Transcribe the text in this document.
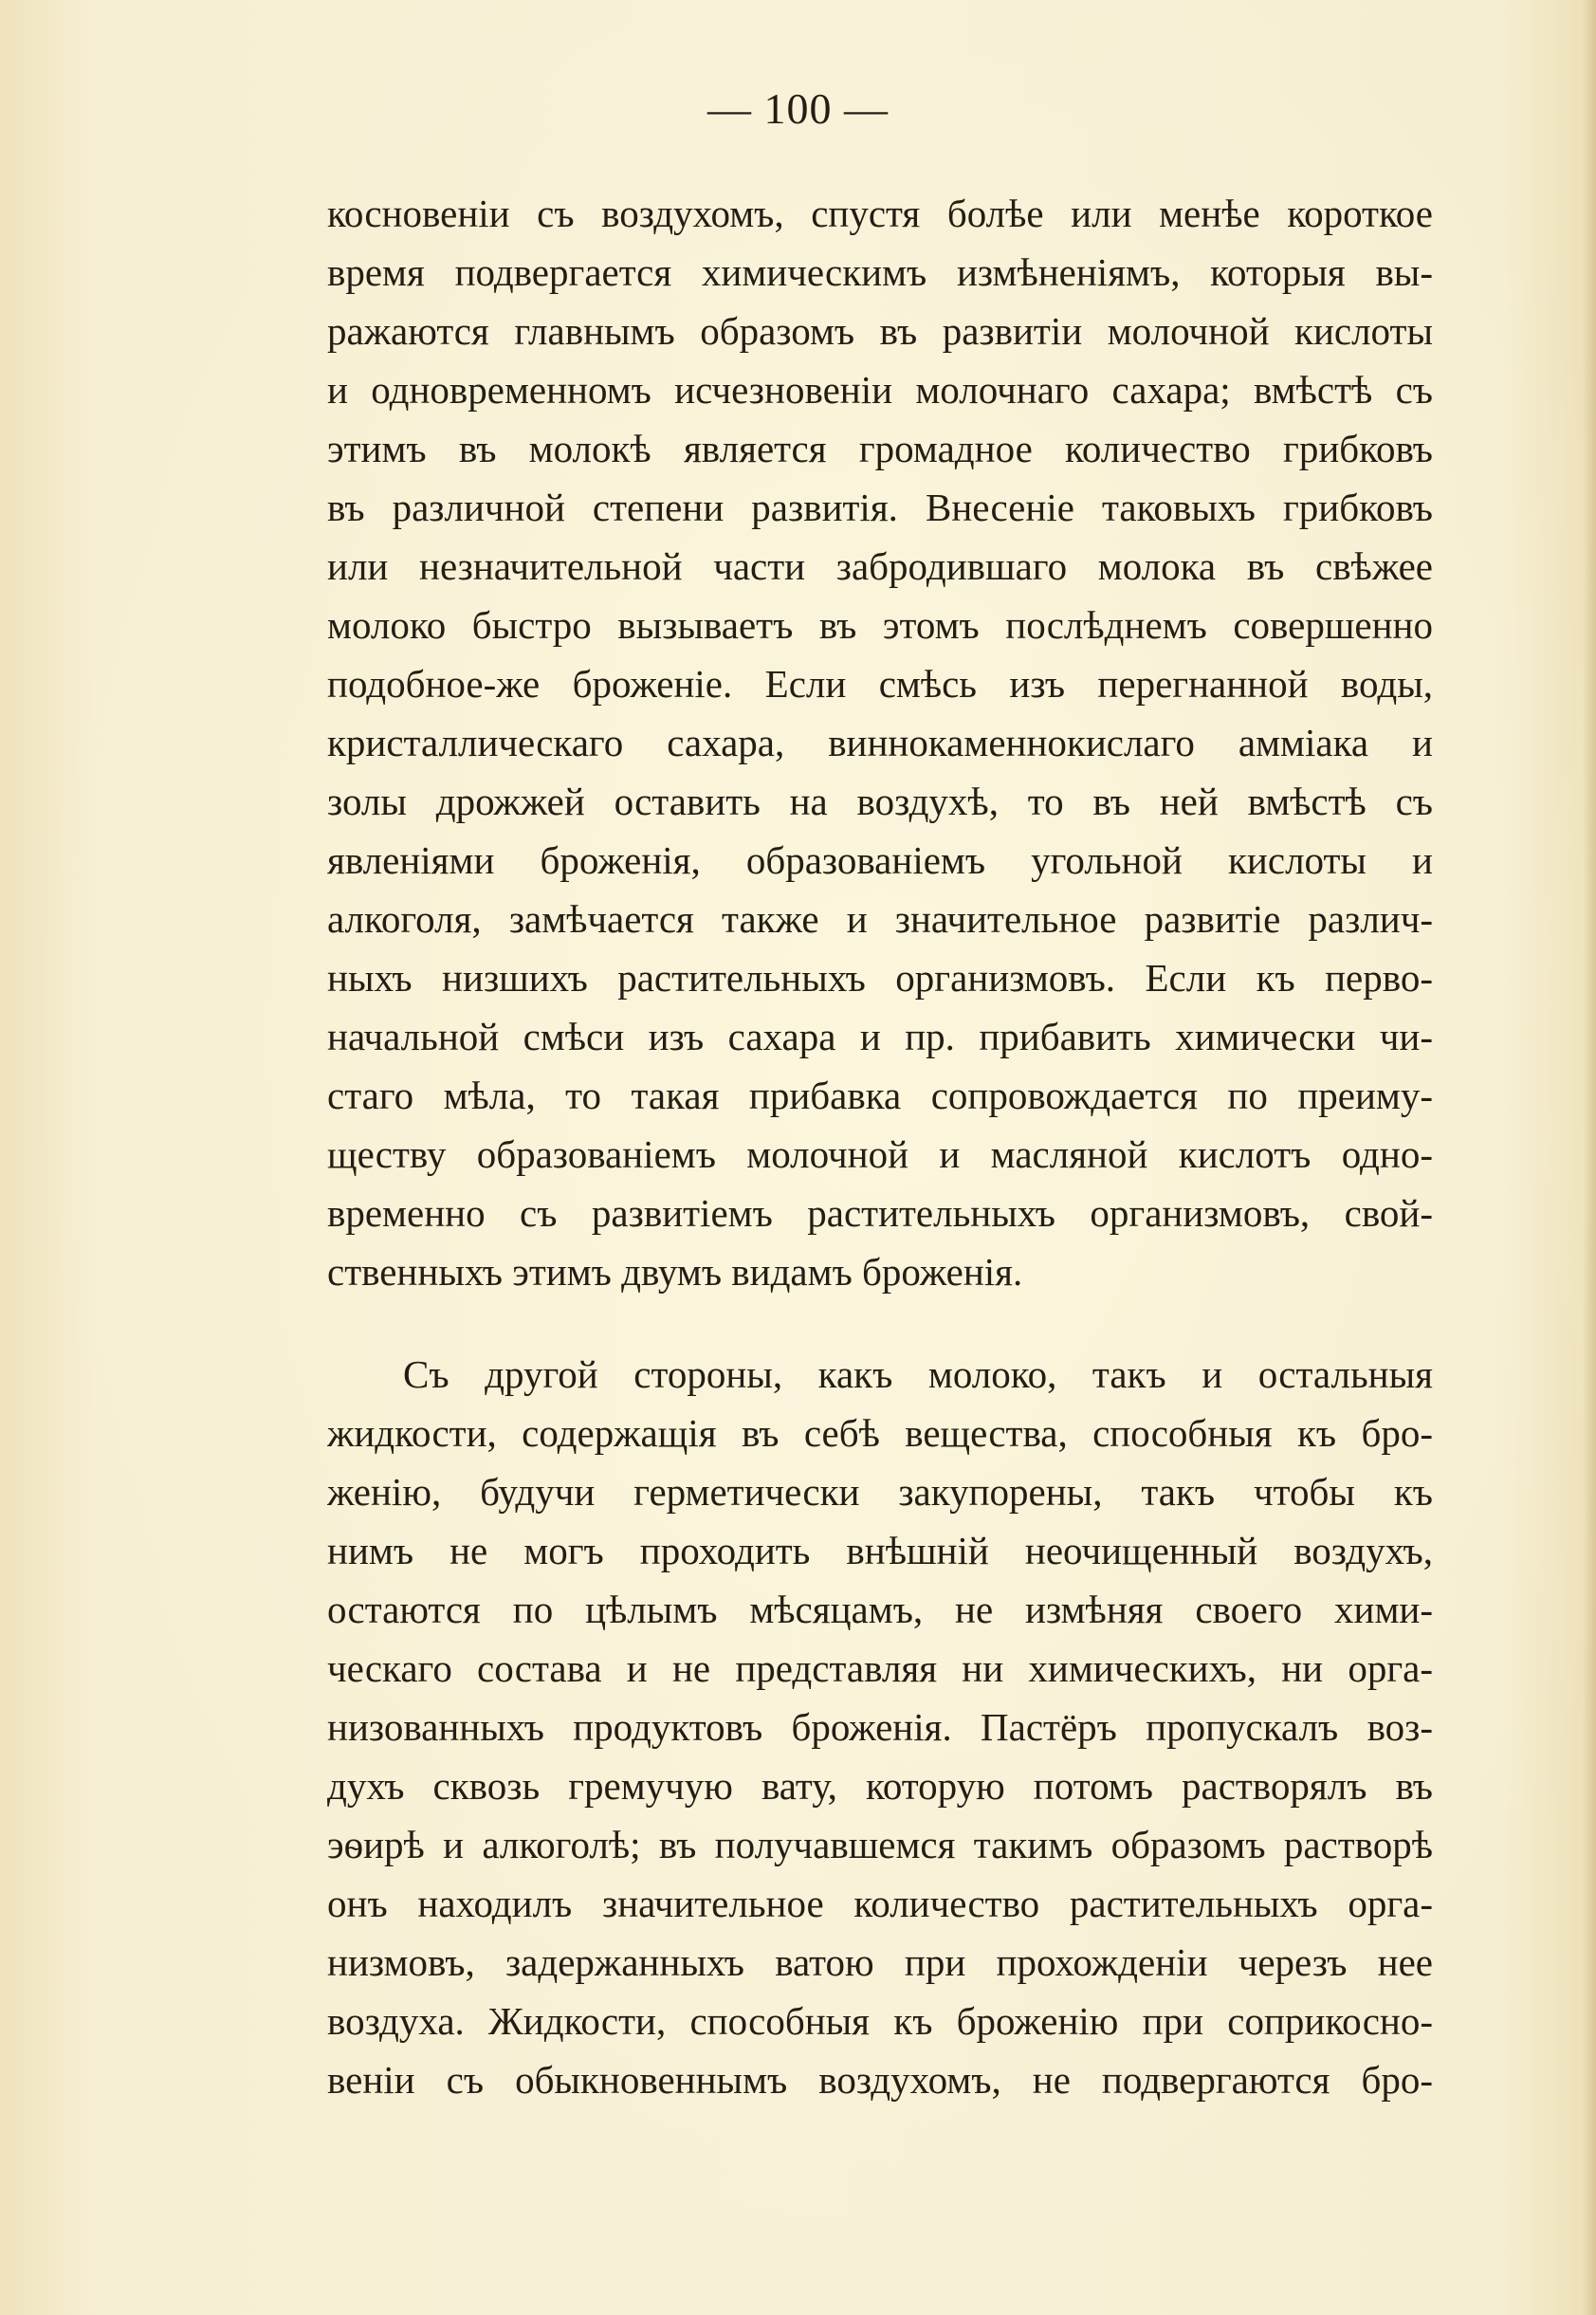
— 100 —
косновеніи съ воздухомъ, спустя болѣе или менѣе короткое
время подвергается химическимъ измѣненіямъ, которыя вы-
ражаются главнымъ образомъ въ развитіи молочной кислоты
и одновременномъ исчезновеніи молочнаго сахара; вмѣстѣ съ
этимъ въ молокѣ является громадное количество грибковъ
въ различной степени развитія. Внесеніе таковыхъ грибковъ
или незначительной части забродившаго молока въ свѣжее
молоко быстро вызываетъ въ этомъ послѣднемъ совершенно
подобное-же броженіе. Если смѣсь изъ перегнанной воды,
кристаллическаго сахара, виннокаменнокислаго амміака и
золы дрожжей оставить на воздухѣ, то въ ней вмѣстѣ съ
явленіями броженія, образованіемъ угольной кислоты и
алкоголя, замѣчается также и значительное развитіе различ-
ныхъ низшихъ растительныхъ организмовъ. Если къ перво-
начальной смѣси изъ сахара и пр. прибавить химически чи-
стаго мѣла, то такая прибавка сопровождается по преиму-
ществу образованіемъ молочной и масляной кислотъ одно-
временно съ развитіемъ растительныхъ организмовъ, свой-
ственныхъ этимъ двумъ видамъ броженія.
Съ другой стороны, какъ молоко, такъ и остальныя
жидкости, содержащія въ себѣ вещества, способныя къ бро-
женію, будучи герметически закупорены, такъ чтобы къ
нимъ не могъ проходить внѣшній неочищенный воздухъ,
остаются по цѣлымъ мѣсяцамъ, не измѣняя своего хими-
ческаго состава и не представляя ни химическихъ, ни орга-
низованныхъ продуктовъ броженія. Пастёръ пропускалъ воз-
духъ сквозь гремучую вату, которую потомъ растворялъ въ
эѳирѣ и алкоголѣ; въ получавшемся такимъ образомъ растворѣ
онъ находилъ значительное количество растительныхъ орга-
низмовъ, задержанныхъ ватою при прохожденіи черезъ нее
воздуха. Жидкости, способныя къ броженію при соприкосно-
веніи съ обыкновеннымъ воздухомъ, не подвергаются бро-
